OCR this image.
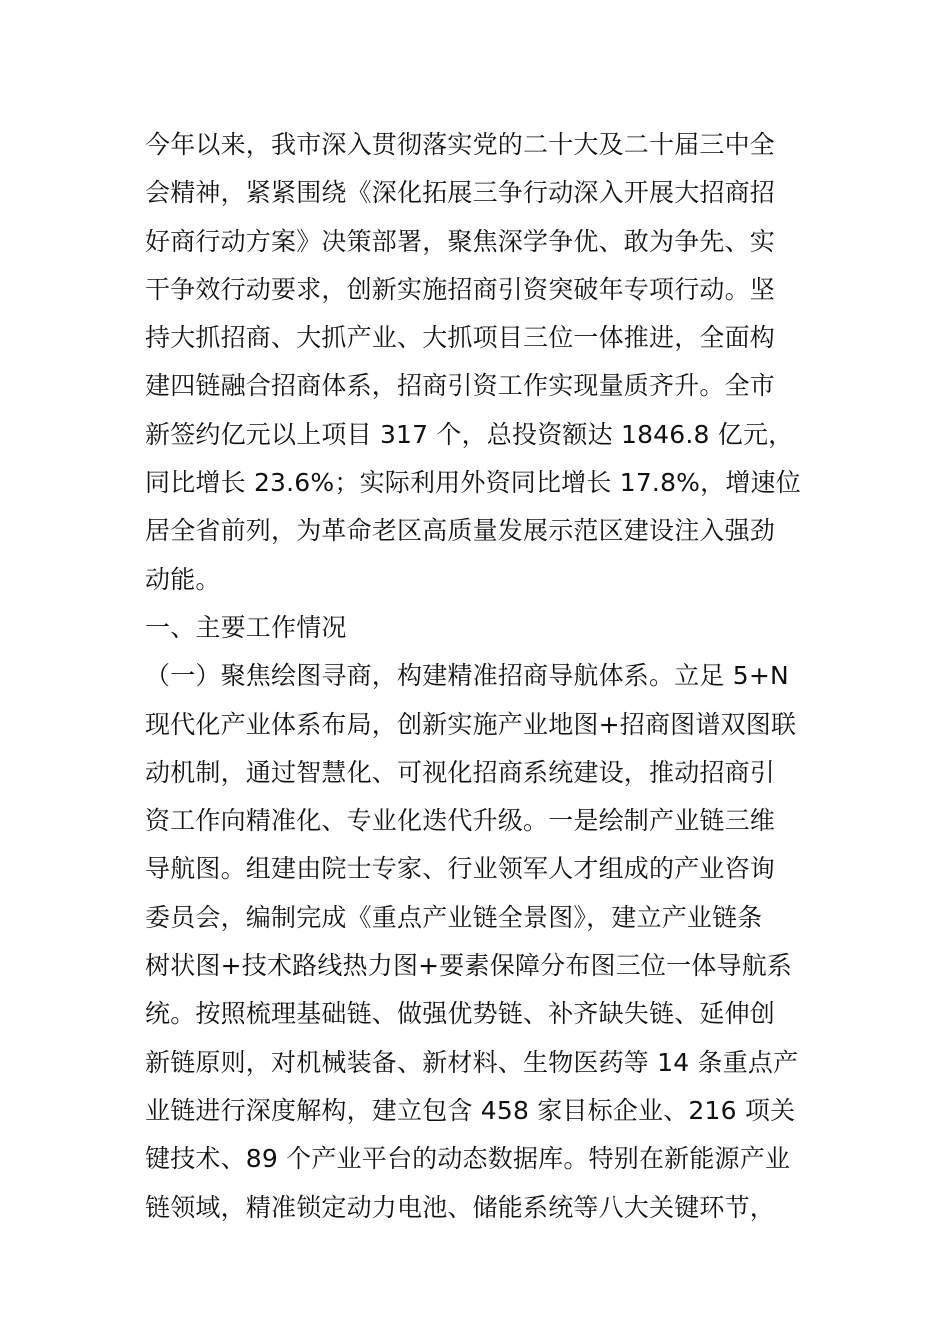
今年以来，我市深入贯彻落实党的二十大及二十届三中全
会精神，紧紧围绕《深化拓展三争行动深入开展大招商招
好商行动方案》决策部署，聚焦深学争优、敢为争先、实
干争效行动要求，创新实施招商引资突破年专项行动。坚
持大抓招商、大抓产业、大抓项目三位一体推进，全面构
建四链融合招商体系，招商引资工作实现量质齐升。全市
新签约亿元以上项目 317 个，总投资额达 1846.8 亿元，
同比增长 23.6%；实际利用外资同比增长 17.8%，增速位
居全省前列，为革命老区高质量发展示范区建设注入强劲
动能。
一、主要工作情况
（一）聚焦绘图寻商，构建精准招商导航体系。立足 5+N
现代化产业体系布局，创新实施产业地图+招商图谱双图联
动机制，通过智慧化、可视化招商系统建设，推动招商引
资工作向精准化、专业化迭代升级。一是绘制产业链三维
导航图。组建由院士专家、行业领军人才组成的产业咨询
委员会，编制完成《重点产业链全景图》，建立产业链条
树状图+技术路线热力图+要素保障分布图三位一体导航系
统。按照梳理基础链、做强优势链、补齐缺失链、延伸创
新链原则，对机械装备、新材料、生物医药等 14 条重点产
业链进行深度解构，建立包含 458 家目标企业、216 项关
键技术、89 个产业平台的动态数据库。特别在新能源产业
链领域，精准锁定动力电池、储能系统等八大关键环节，
